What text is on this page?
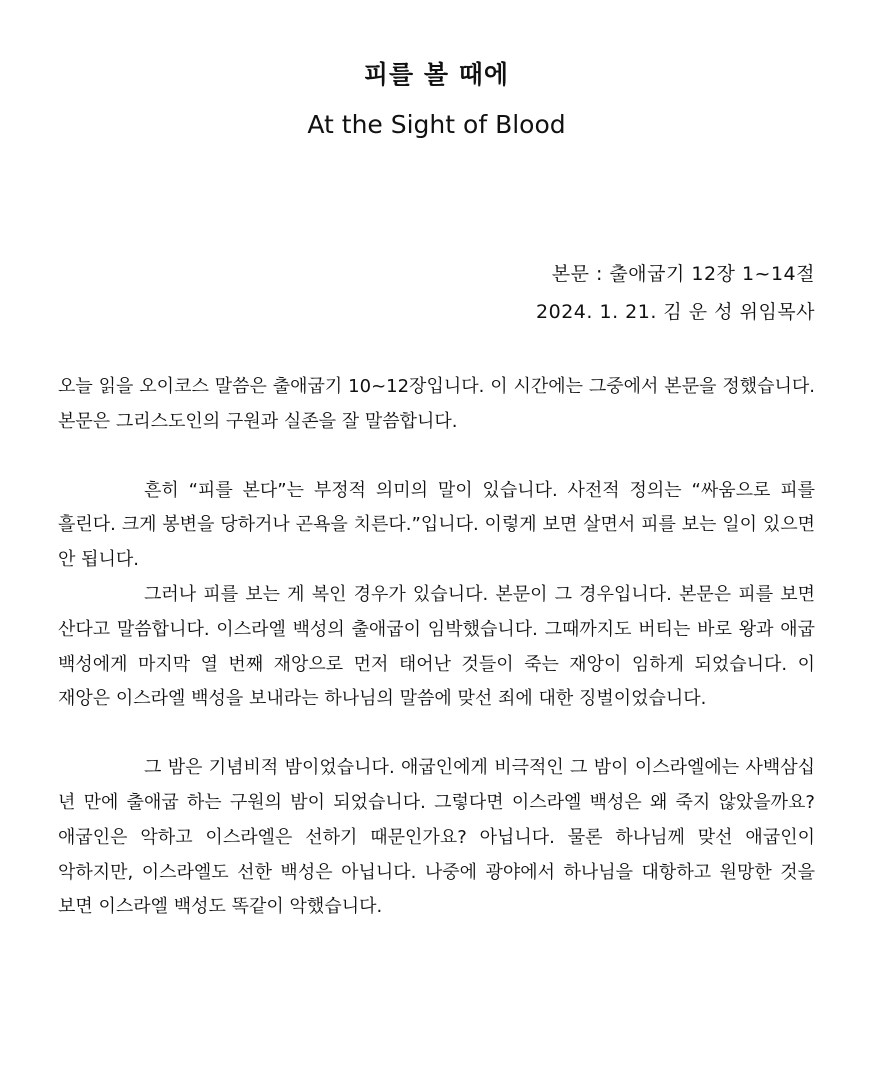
피를 볼 때에
At the Sight of Blood
본문 : 출애굽기 12장 1~14절
2024. 1. 21. 김 운 성 위임목사

오늘 읽을 오이코스 말씀은 출애굽기 10~12장입니다. 이 시간에는 그중에서 본문을 정했습니다. 본문은 그리스도인의 구원과 실존을 잘 말씀합니다.

흔히 “피를 본다”는 부정적 의미의 말이 있습니다. 사전적 정의는 “싸움으로 피를 흘린다. 크게 봉변을 당하거나 곤욕을 치른다.”입니다. 이렇게 보면 살면서 피를 보는 일이 있으면 안 됩니다.

그러나 피를 보는 게 복인 경우가 있습니다. 본문이 그 경우입니다. 본문은 피를 보면 산다고 말씀합니다. 이스라엘 백성의 출애굽이 임박했습니다. 그때까지도 버티는 바로 왕과 애굽 백성에게 마지막 열 번째 재앙으로 먼저 태어난 것들이 죽는 재앙이 임하게 되었습니다. 이 재앙은 이스라엘 백성을 보내라는 하나님의 말씀에 맞선 죄에 대한 징벌이었습니다.

그 밤은 기념비적 밤이었습니다. 애굽인에게 비극적인 그 밤이 이스라엘에는 사백삼십 년 만에 출애굽 하는 구원의 밤이 되었습니다. 그렇다면 이스라엘 백성은 왜 죽지 않았을까요? 애굽인은 악하고 이스라엘은 선하기 때문인가요? 아닙니다. 물론 하나님께 맞선 애굽인이 악하지만, 이스라엘도 선한 백성은 아닙니다. 나중에 광야에서 하나님을 대항하고 원망한 것을 보면 이스라엘 백성도 똑같이 악했습니다.
